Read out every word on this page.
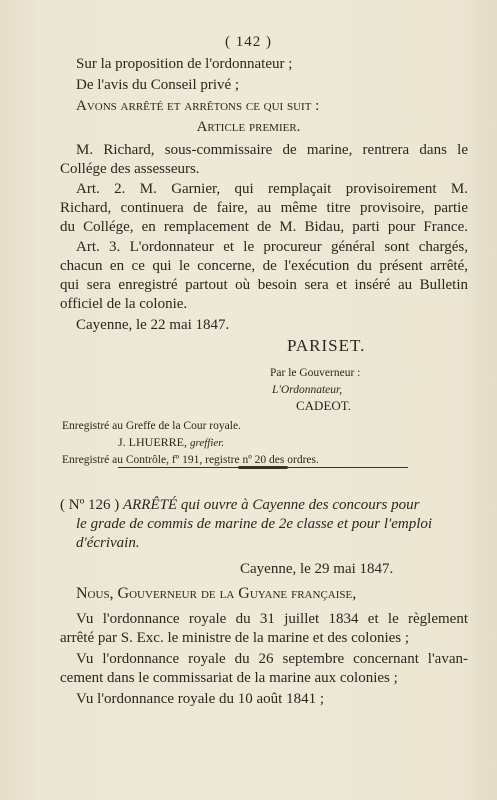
( 142 )
Sur la proposition de l'ordonnateur ;
De l'avis du Conseil privé ;
Avons arrêté et arrêtons ce qui suit :
Article premier.
M. Richard, sous-commissaire de marine, rentrera dans le
Collége des assesseurs.
Art. 2. M. Garnier, qui remplaçait provisoirement M.
Richard, continuera de faire, au même titre provisoire, partie
du Collége, en remplacement de M. Bidau, parti pour France.
Art. 3. L'ordonnateur et le procureur général sont chargés,
chacun en ce qui le concerne, de l'exécution du présent arrêté,
qui sera enregistré partout où besoin sera et inséré au Bulletin
officiel de la colonie.
Cayenne, le 22 mai 1847.
PARISET.
Par le Gouverneur :
L'Ordonnateur,
CADEOT.
Enregistré au Greffe de la Cour royale.
J. LHUERRE, greffier.
Enregistré au Contrôle, fº 191, registre nº 20 des ordres.
( Nº 126 ) ARRÊTÉ qui ouvre à Cayenne des concours pour
le grade de commis de marine de 2e classe et pour l'emploi
d'écrivain.
Cayenne, le 29 mai 1847.
Nous, Gouverneur de la Guyane française,
Vu l'ordonnance royale du 31 juillet 1834 et le règlement
arrêté par S. Exc. le ministre de la marine et des colonies ;
Vu l'ordonnance royale du 26 septembre concernant l'avan-
cement dans le commissariat de la marine aux colonies ;
Vu l'ordonnance royale du 10 août 1841 ;
